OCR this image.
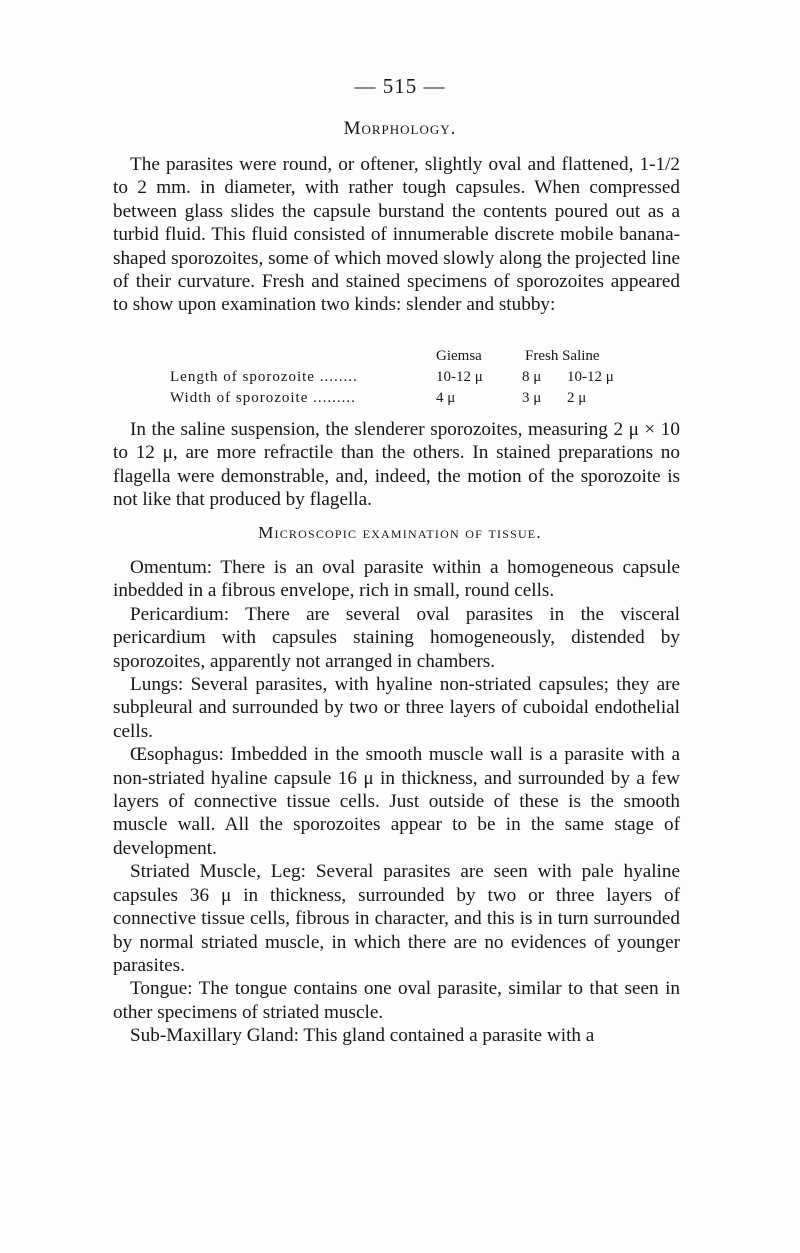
— 515 —
Morphology.

The parasites were round, or oftener, slightly oval and flattened, 1-1/2 to 2 mm. in diameter, with rather tough capsules. When compressed between glass slides the capsule burstand the contents poured out as a turbid fluid. This fluid consisted of innumerable discrete mobile banana-shaped sporozoites, some of which moved slowly along the projected line of their curvature. Fresh and stained specimens of sporozoites appeared to show upon examination two kinds: slender and stubby:

Giemsa	Fresh Saline
Length of sporozoite ........	10-12 μ	8 μ 10-12 μ
Width of sporozoite .........	4 μ	3 μ 2 μ

In the saline suspension, the slenderer sporozoites, measuring 2 μ × 10 to 12 μ, are more refractile than the others. In stained preparations no flagella were demonstrable, and, indeed, the motion of the sporozoite is not like that produced by flagella.

Microscopic examination of tissue.

Omentum: There is an oval parasite within a homogeneous capsule inbedded in a fibrous envelope, rich in small, round cells.

Pericardium: There are several oval parasites in the visceral pericardium with capsules staining homogeneously, distended by sporozoites, apparently not arranged in chambers.

Lungs: Several parasites, with hyaline non-striated capsules; they are subpleural and surrounded by two or three layers of cuboidal endothelial cells.

Œsophagus: Imbedded in the smooth muscle wall is a parasite with a non-striated hyaline capsule 16 μ in thickness, and surrounded by a few layers of connective tissue cells. Just outside of these is the smooth muscle wall. All the sporozoites appear to be in the same stage of development.

Striated Muscle, Leg: Several parasites are seen with pale hyaline capsules 36 μ in thickness, surrounded by two or three layers of connective tissue cells, fibrous in character, and this is in turn surrounded by normal striated muscle, in which there are no evidences of younger parasites.

Tongue: The tongue contains one oval parasite, similar to that seen in other specimens of striated muscle.

Sub-Maxillary Gland: This gland contained a parasite with a
